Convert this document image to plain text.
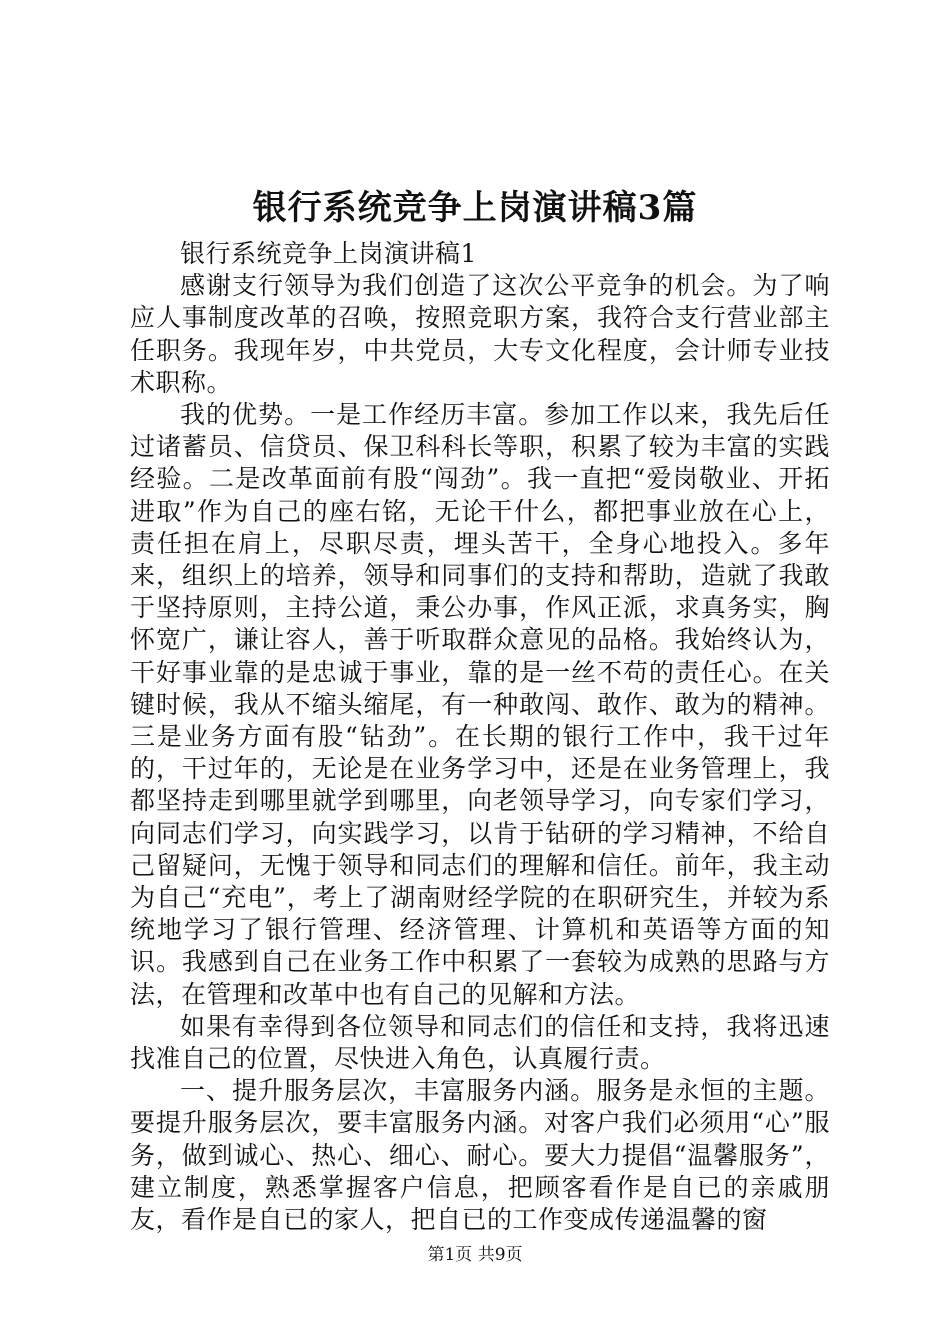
银行系统竞争上岗演讲稿3篇

银行系统竞争上岗演讲稿1

感谢支行领导为我们创造了这次公平竞争的机会。为了响应人事制度改革的召唤，按照竞职方案，我符合支行营业部主任职务。我现年岁，中共党员，大专文化程度，会计师专业技术职称。

我的优势。一是工作经历丰富。参加工作以来，我先后任过诸蓄员、信贷员、保卫科科长等职，积累了较为丰富的实践经验。二是改革面前有股“闯劲”。我一直把“爱岗敬业、开拓进取”作为自己的座右铭，无论干什么，都把事业放在心上，责任担在肩上，尽职尽责，埋头苦干，全身心地投入。多年来，组织上的培养，领导和同事们的支持和帮助，造就了我敢于坚持原则，主持公道，秉公办事，作风正派，求真务实，胸怀宽广，谦让容人，善于听取群众意见的品格。我始终认为，干好事业靠的是忠诚于事业，靠的是一丝不苟的责任心。在关键时候，我从不缩头缩尾，有一种敢闯、敢作、敢为的精神。三是业务方面有股“钻劲”。在长期的银行工作中，我干过年的，干过年的，无论是在业务学习中，还是在业务管理上，我都坚持走到哪里就学到哪里，向老领导学习，向专家们学习，向同志们学习，向实践学习，以肯于钻研的学习精神，不给自己留疑问，无愧于领导和同志们的理解和信任。前年，我主动为自己“充电”，考上了湖南财经学院的在职研究生，并较为系统地学习了银行管理、经济管理、计算机和英语等方面的知识。我感到自己在业务工作中积累了一套较为成熟的思路与方法，在管理和改革中也有自己的见解和方法。

如果有幸得到各位领导和同志们的信任和支持，我将迅速找准自己的位置，尽快进入角色，认真履行责。

一、提升服务层次，丰富服务内涵。服务是永恒的主题。要提升服务层次，要丰富服务内涵。对客户我们必须用“心”服务，做到诚心、热心、细心、耐心。要大力提倡“温馨服务”，建立制度，熟悉掌握客户信息，把顾客看作是自已的亲戚朋友，看作是自已的家人，把自已的工作变成传递温馨的窗

第1页 共9页
